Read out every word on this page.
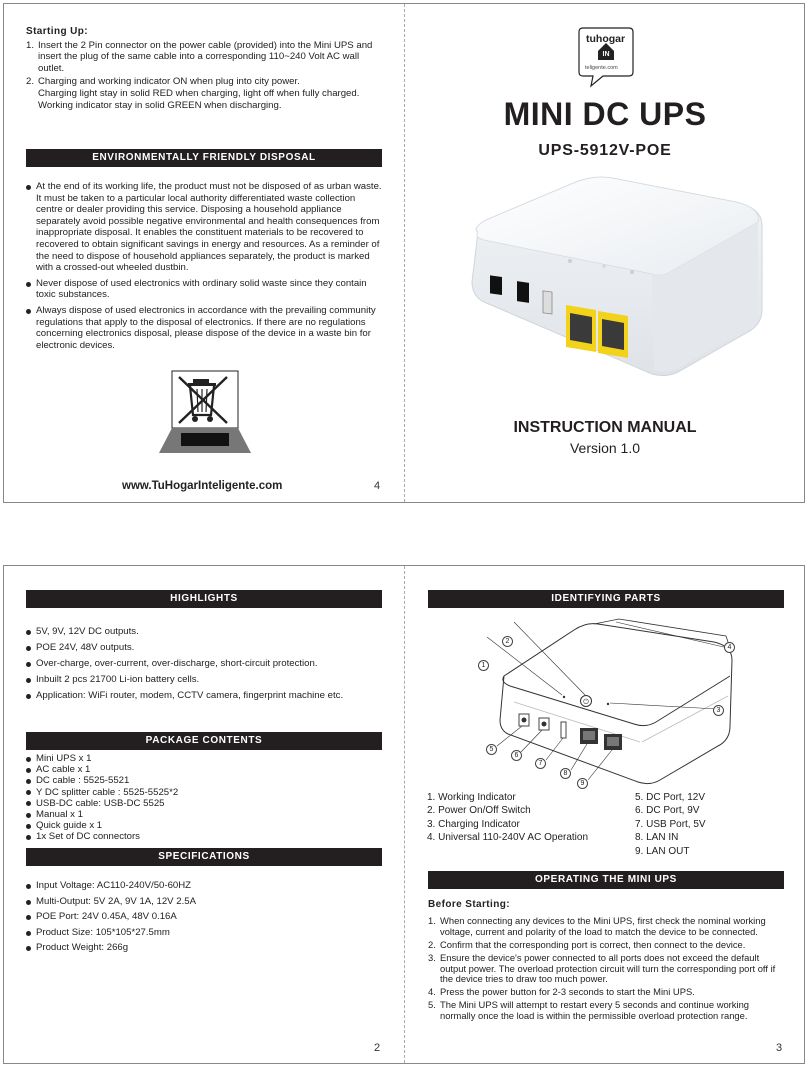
Starting Up:
1. Insert the 2 Pin connector on the power cable (provided) into the Mini UPS and insert the plug of the same cable into a corresponding 110~240 Volt AC wall outlet.
2. Charging and working indicator ON when plug into city power.
Charging light stay in solid RED when charging, light off when fully charged.
Working indicator stay in solid GREEN when discharging.
ENVIRONMENTALLY FRIENDLY DISPOSAL
At the end of its working life, the product must not be disposed of as urban waste. It must be taken to a particular local authority differentiated waste collection centre or dealer providing this service. Disposing a household appliance separately avoid possible negative environmental and health consequences from inappropriate disposal. It enables the constituent materials to be recovered to recovered to obtain significant savings in energy and resources. As a reminder of the need to dispose of household appliances separately, the product is marked with a crossed-out wheeled dustbin.
Never dispose of used electronics with ordinary solid waste since they contain toxic substances.
Always dispose of used electronics in accordance with the prevailing community regulations that apply to the disposal of electronics. If there are no regulations concerning electronics disposal, please dispose of the device in a waste bin for electronic devices.
www.TuHogarInteligente.com	4
tuhogar
IN
teligente.com
MINI DC UPS
UPS-5912V-POE
INSTRUCTION MANUAL
Version 1.0
HIGHLIGHTS
5V, 9V, 12V DC outputs.
POE 24V, 48V outputs.
Over-charge, over-current, over-discharge, short-circuit protection.
Inbuilt 2 pcs 21700 Li-ion battery cells.
Application: WiFi router, modem, CCTV camera, fingerprint machine etc.
PACKAGE CONTENTS
Mini UPS x 1
AC cable x 1
DC cable : 5525-5521
Y DC splitter cable : 5525-5525*2
USB-DC cable: USB-DC 5525
Manual x 1
Quick guide x 1
1x Set of DC connectors
SPECIFICATIONS
Input Voltage: AC110-240V/50-60HZ
Multi-Output: 5V 2A, 9V 1A, 12V 2.5A
POE Port: 24V 0.45A, 48V 0.16A
Product Size: 105*105*27.5mm
Product Weight: 266g
2
IDENTIFYING PARTS
⏻
1
2
3
4
5
6
7
8
9
1. Working Indicator
2. Power On/Off Switch
3. Charging Indicator
4. Universal 110-240V AC Operation
5. DC Port, 12V
6. DC Port, 9V
7. USB Port, 5V
8. LAN IN
9. LAN OUT
OPERATING THE MINI UPS
Before Starting:
1. When connecting any devices to the Mini UPS, first check the nominal working voltage, current and polarity of the load to match the device to be connected.
2. Confirm that the corresponding port is correct, then connect to the device.
3. Ensure the device's power connected to all ports does not exceed the default output power. The overload protection circuit will turn the corresponding port off if the device tries to draw too much power.
4. Press the power button for 2-3 seconds to start the Mini UPS.
5. The Mini UPS will attempt to restart every 5 seconds and continue working normally once the load is within the permissible overload protection range.
3
